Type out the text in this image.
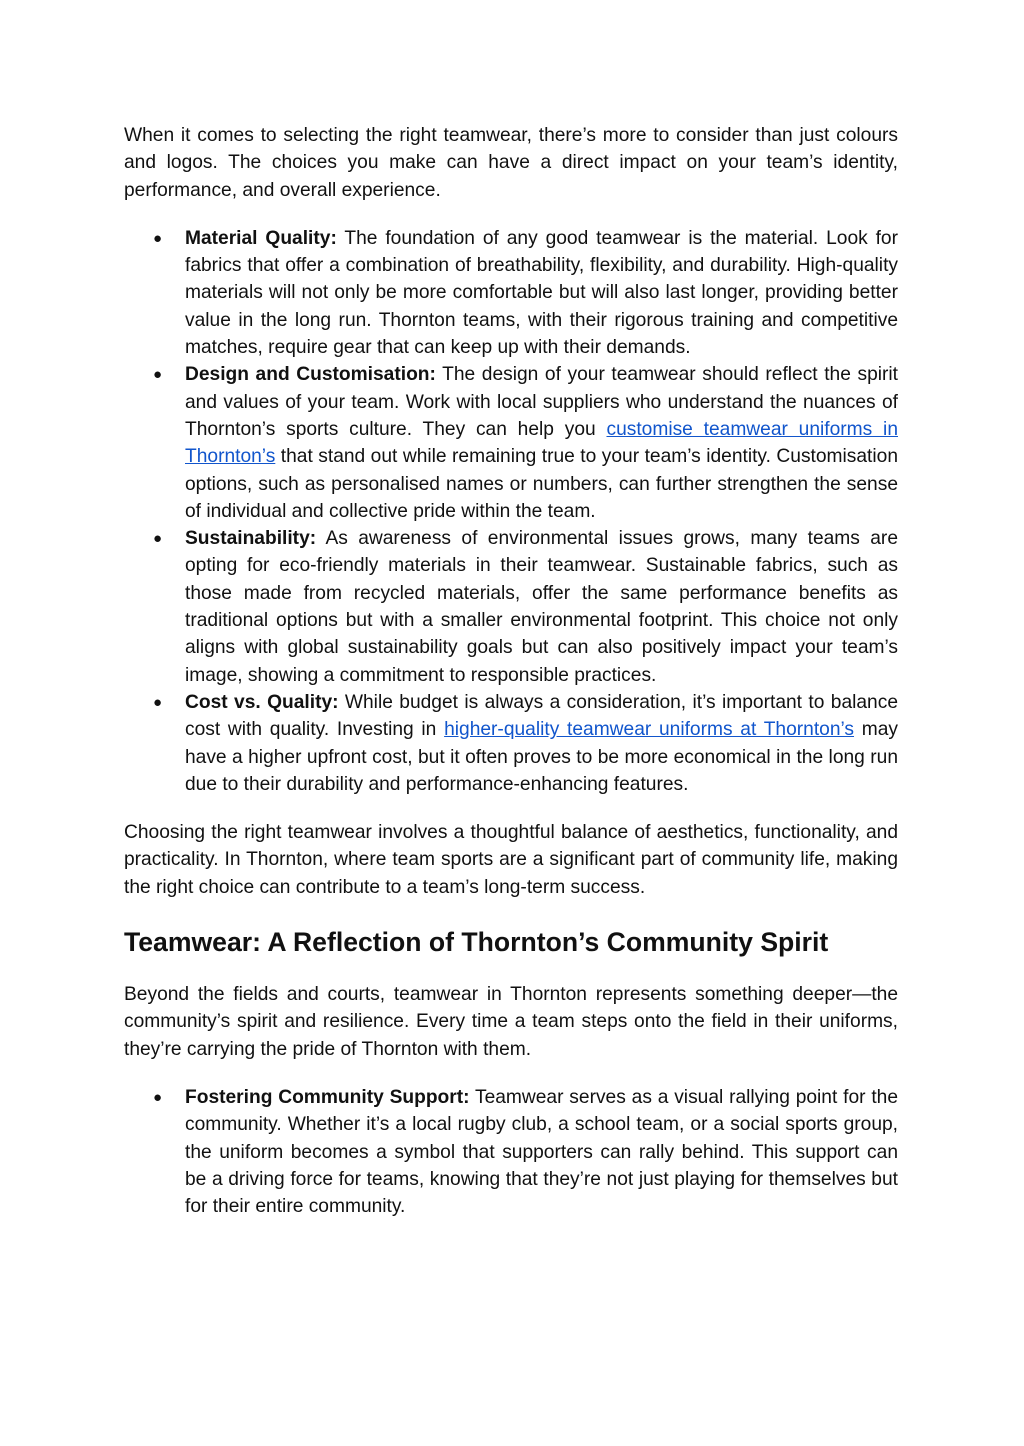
When it comes to selecting the right teamwear, there’s more to consider than just colours and logos. The choices you make can have a direct impact on your team’s identity, performance, and overall experience.

● Material Quality: The foundation of any good teamwear is the material. Look for fabrics that offer a combination of breathability, flexibility, and durability. High-quality materials will not only be more comfortable but will also last longer, providing better value in the long run. Thornton teams, with their rigorous training and competitive matches, require gear that can keep up with their demands.
● Design and Customisation: The design of your teamwear should reflect the spirit and values of your team. Work with local suppliers who understand the nuances of Thornton’s sports culture. They can help you customise teamwear uniforms in Thornton’s that stand out while remaining true to your team’s identity. Customisation options, such as personalised names or numbers, can further strengthen the sense of individual and collective pride within the team.
● Sustainability: As awareness of environmental issues grows, many teams are opting for eco-friendly materials in their teamwear. Sustainable fabrics, such as those made from recycled materials, offer the same performance benefits as traditional options but with a smaller environmental footprint. This choice not only aligns with global sustainability goals but can also positively impact your team’s image, showing a commitment to responsible practices.
● Cost vs. Quality: While budget is always a consideration, it’s important to balance cost with quality. Investing in higher-quality teamwear uniforms at Thornton’s may have a higher upfront cost, but it often proves to be more economical in the long run due to their durability and performance-enhancing features.

Choosing the right teamwear involves a thoughtful balance of aesthetics, functionality, and practicality. In Thornton, where team sports are a significant part of community life, making the right choice can contribute to a team’s long-term success.

Teamwear: A Reflection of Thornton’s Community Spirit

Beyond the fields and courts, teamwear in Thornton represents something deeper—the community’s spirit and resilience. Every time a team steps onto the field in their uniforms, they’re carrying the pride of Thornton with them.

● Fostering Community Support: Teamwear serves as a visual rallying point for the community. Whether it’s a local rugby club, a school team, or a social sports group, the uniform becomes a symbol that supporters can rally behind. This support can be a driving force for teams, knowing that they’re not just playing for themselves but for their entire community.
